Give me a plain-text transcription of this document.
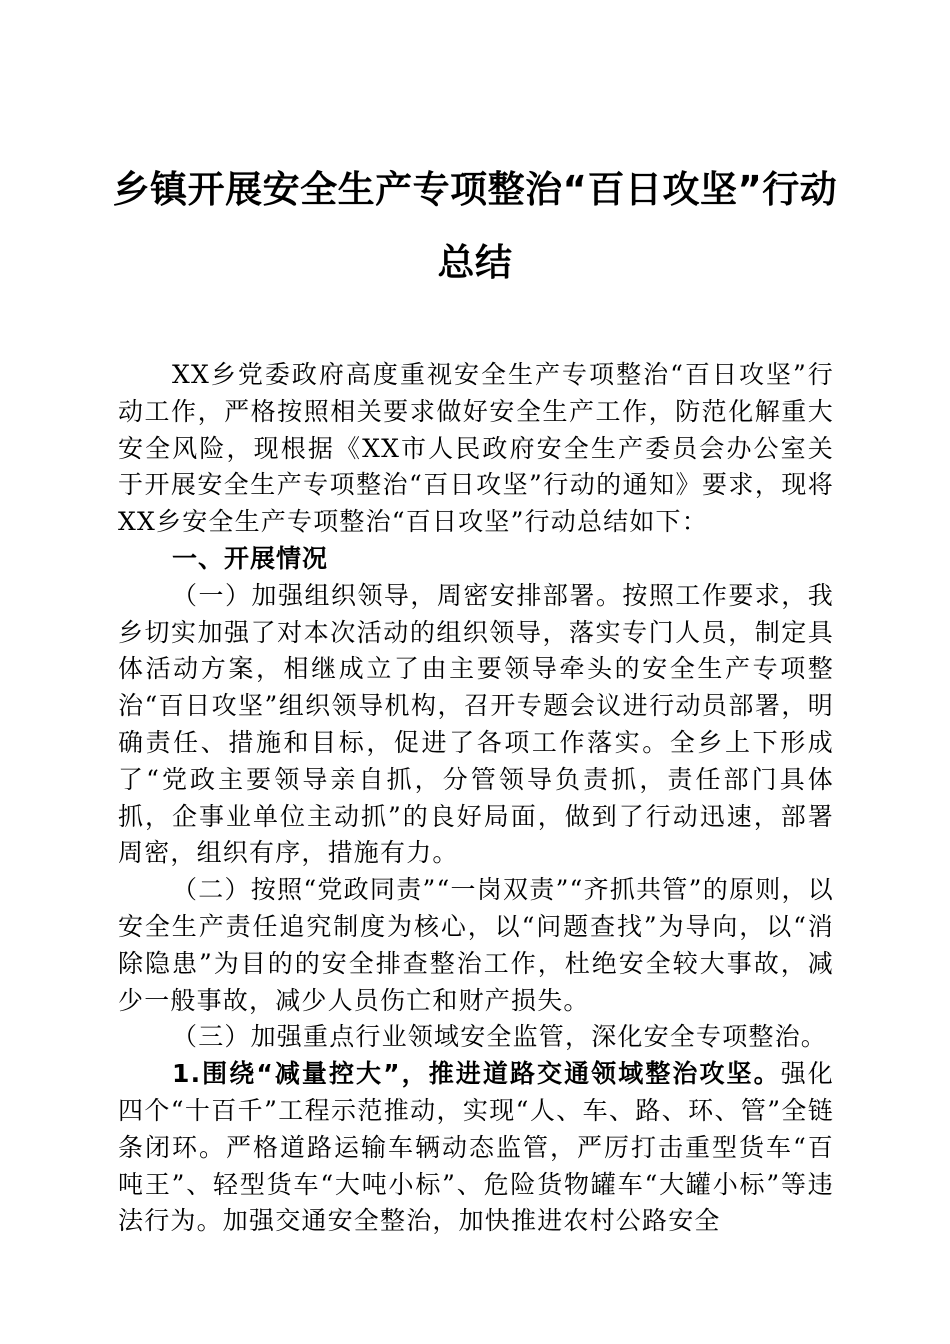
乡镇开展安全生产专项整治“百日攻坚”行动
总结

XX乡党委政府高度重视安全生产专项整治“百日攻坚”行动工作，严格按照相关要求做好安全生产工作，防范化解重大安全风险，现根据《XX市人民政府安全生产委员会办公室关于开展安全生产专项整治“百日攻坚”行动的通知》要求，现将XX乡安全生产专项整治“百日攻坚”行动总结如下：

一、开展情况

（一）加强组织领导，周密安排部署。按照工作要求，我乡切实加强了对本次活动的组织领导，落实专门人员，制定具体活动方案，相继成立了由主要领导牵头的安全生产专项整治“百日攻坚”组织领导机构，召开专题会议进行动员部署，明确责任、措施和目标，促进了各项工作落实。全乡上下形成了“党政主要领导亲自抓，分管领导负责抓，责任部门具体抓，企事业单位主动抓”的良好局面，做到了行动迅速，部署周密，组织有序，措施有力。

（二）按照“党政同责”“一岗双责”“齐抓共管”的原则，以安全生产责任追究制度为核心，以“问题查找”为导向，以“消除隐患”为目的的安全排查整治工作，杜绝安全较大事故，减少一般事故，减少人员伤亡和财产损失。

（三）加强重点行业领域安全监管，深化安全专项整治。

1.围绕“减量控大”，推进道路交通领域整治攻坚。强化四个“十百千”工程示范推动，实现“人、车、路、环、管”全链条闭环。严格道路运输车辆动态监管，严厉打击重型货车“百吨王”、轻型货车“大吨小标”、危险货物罐车“大罐小标”等违法行为。加强交通安全整治，加快推进农村公路安全
